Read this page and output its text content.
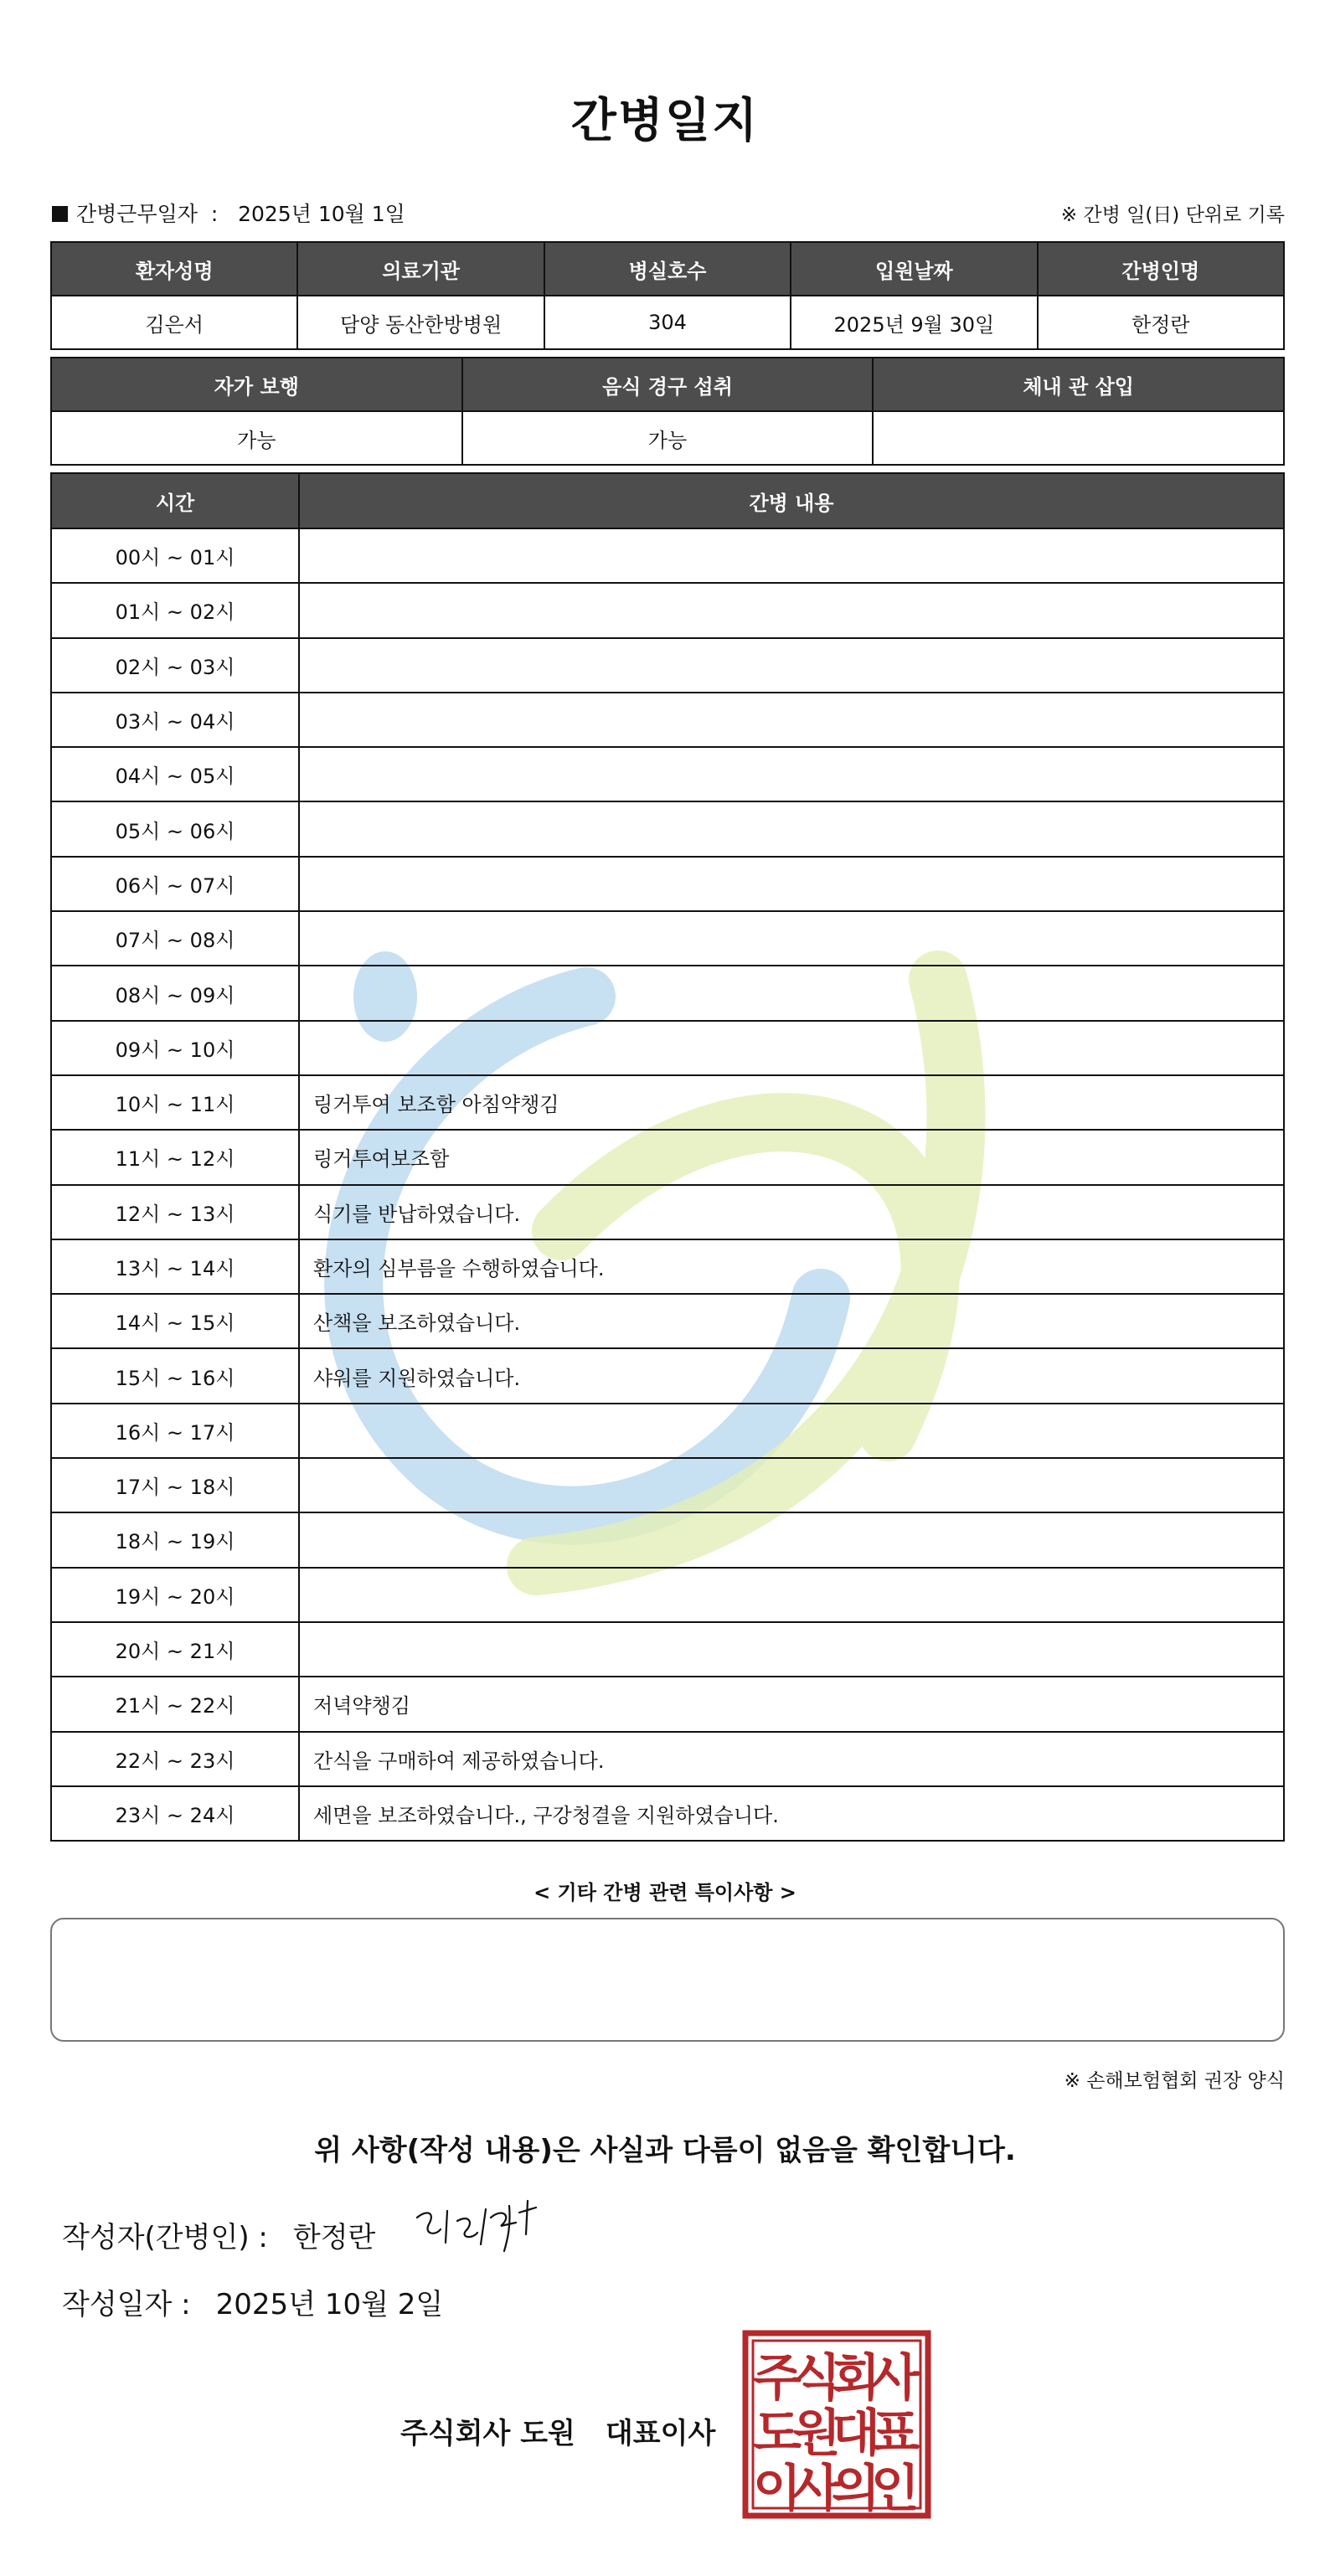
간병일지
간병근무일자 : 2025년 10월 1일	※ 간병 일(日) 단위로 기록
환자성명	의료기관	병실호수	입원날짜	간병인명
김은서	담양 동산한방병원	304	2025년 9월 30일	한정란
자가 보행	음식 경구 섭취	체내 관 삽입
가능	가능	
시간	간병 내용
00시 ~ 01시	
01시 ~ 02시	
02시 ~ 03시	
03시 ~ 04시	
04시 ~ 05시	
05시 ~ 06시	
06시 ~ 07시	
07시 ~ 08시	
08시 ~ 09시	
09시 ~ 10시	
10시 ~ 11시	링거투여 보조함 아침약챙김
11시 ~ 12시	링거투여보조함
12시 ~ 13시	식기를 반납하였습니다.
13시 ~ 14시	환자의 심부름을 수행하였습니다.
14시 ~ 15시	산책을 보조하였습니다.
15시 ~ 16시	샤워를 지원하였습니다.
16시 ~ 17시	
17시 ~ 18시	
18시 ~ 19시	
19시 ~ 20시	
20시 ~ 21시	
21시 ~ 22시	저녁약챙김
22시 ~ 23시	간식을 구매하여 제공하였습니다.
23시 ~ 24시	세면을 보조하였습니다., 구강청결을 지원하였습니다.
< 기타 간병 관련 특이사항 >
※ 손해보험협회 권장 양식
위 사항(작성 내용)은 사실과 다름이 없음을 확인합니다.
작성자(간병인) : 한정란
작성일자 : 2025년 10월 2일
주식회사 도원 대표이사
주
식
회
사
도
원
대
표
이
사
의
인
